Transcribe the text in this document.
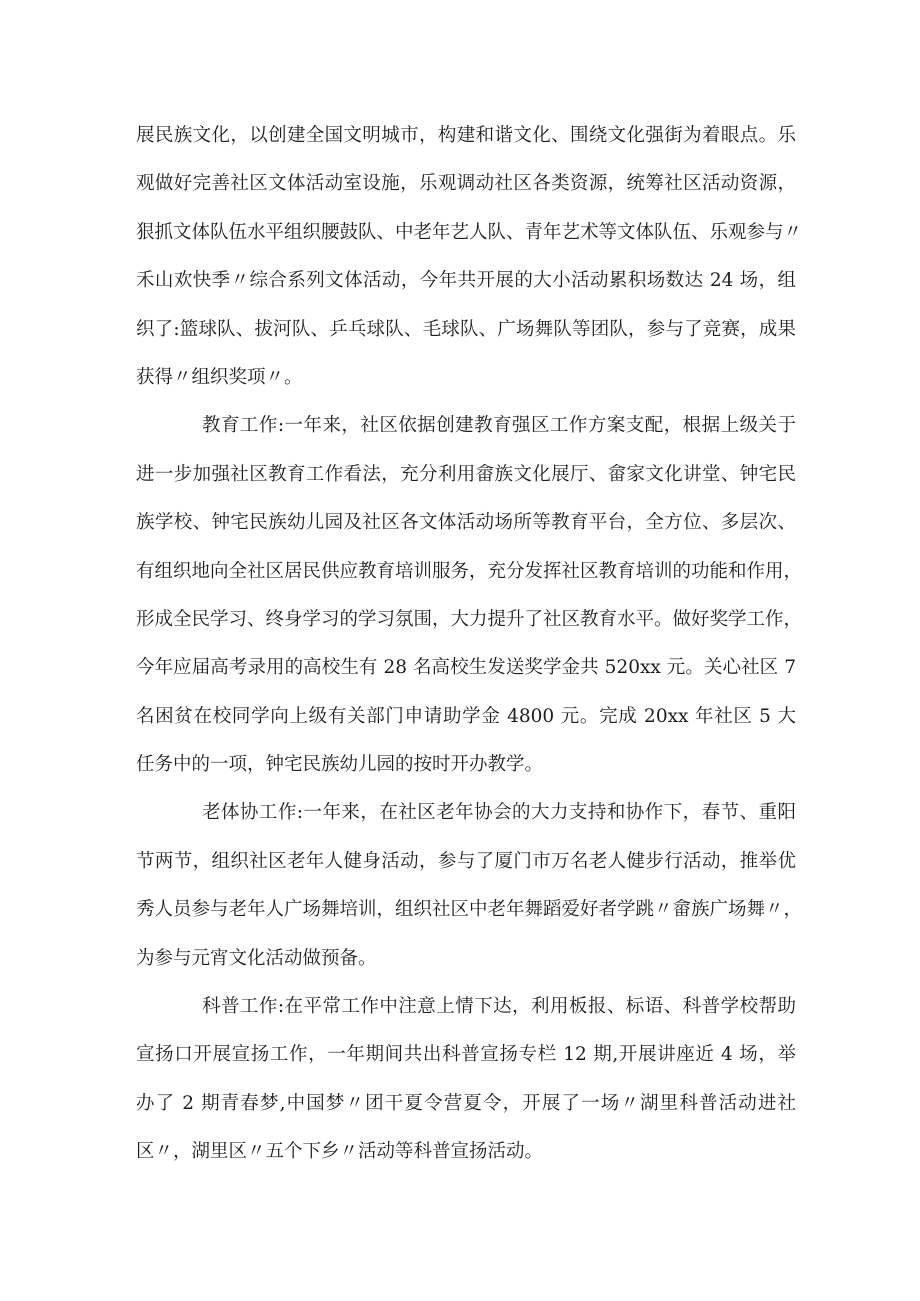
展民族文化，以创建全国文明城市，构建和谐文化、围绕文化强街为着眼点。乐
观做好完善社区文体活动室设施，乐观调动社区各类资源，统筹社区活动资源，
狠抓文体队伍水平组织腰鼓队、中老年艺人队、青年艺术等文体队伍、乐观参与〃
禾山欢快季〃综合系列文体活动，今年共开展的大小活动累积场数达 24 场，组
织了:篮球队、拔河队、乒乓球队、毛球队、广场舞队等团队，参与了竞赛，成果
获得〃组织奖项〃。
教育工作:一年来，社区依据创建教育强区工作方案支配，根据上级关于
进一步加强社区教育工作看法，充分利用畲族文化展厅、畲家文化讲堂、钟宅民
族学校、钟宅民族幼儿园及社区各文体活动场所等教育平台，全方位、多层次、
有组织地向全社区居民供应教育培训服务，充分发挥社区教育培训的功能和作用，
形成全民学习、终身学习的学习氛围，大力提升了社区教育水平。做好奖学工作，
今年应届高考录用的高校生有 28 名高校生发送奖学金共 520xx 元。关心社区 7
名困贫在校同学向上级有关部门申请助学金 4800 元。完成 20xx 年社区 5 大
任务中的一项，钟宅民族幼儿园的按时开办教学。
老体协工作:一年来，在社区老年协会的大力支持和协作下，春节、重阳
节两节，组织社区老年人健身活动，参与了厦门市万名老人健步行活动，推举优
秀人员参与老年人广场舞培训，组织社区中老年舞蹈爱好者学跳〃畲族广场舞〃，
为参与元宵文化活动做预备。
科普工作:在平常工作中注意上情下达，利用板报、标语、科普学校帮助
宣扬口开展宣扬工作，一年期间共出科普宣扬专栏 12 期,开展讲座近 4 场，举
办了 2 期青春梦,中国梦〃团干夏令营夏令，开展了一场〃湖里科普活动进社
区〃，湖里区〃五个下乡〃活动等科普宣扬活动。
